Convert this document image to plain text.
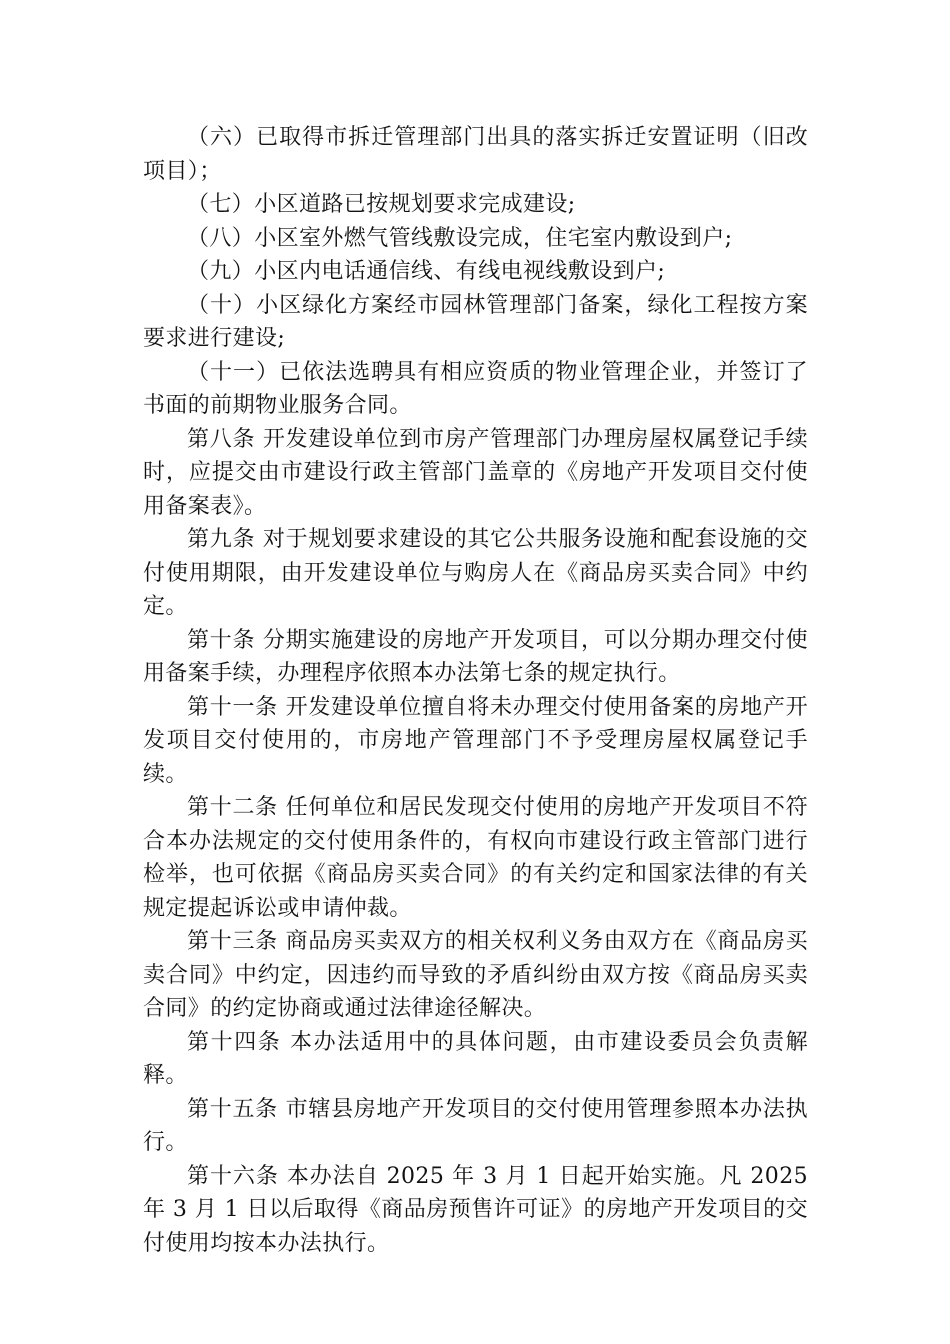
（六）已取得市拆迁管理部门出具的落实拆迁安置证明（旧改项目）；

（七）小区道路已按规划要求完成建设;

（八）小区室外燃气管线敷设完成，住宅室内敷设到户;

（九）小区内电话通信线、有线电视线敷设到户;

（十）小区绿化方案经市园林管理部门备案，绿化工程按方案要求进行建设;

（十一）已依法选聘具有相应资质的物业管理企业，并签订了书面的前期物业服务合同。

第八条 开发建设单位到市房产管理部门办理房屋权属登记手续时，应提交由市建设行政主管部门盖章的《房地产开发项目交付使用备案表》。

第九条 对于规划要求建设的其它公共服务设施和配套设施的交付使用期限，由开发建设单位与购房人在《商品房买卖合同》中约定。

第十条 分期实施建设的房地产开发项目，可以分期办理交付使用备案手续，办理程序依照本办法第七条的规定执行。

第十一条 开发建设单位擅自将未办理交付使用备案的房地产开发项目交付使用的，市房地产管理部门不予受理房屋权属登记手续。

第十二条 任何单位和居民发现交付使用的房地产开发项目不符合本办法规定的交付使用条件的，有权向市建设行政主管部门进行检举，也可依据《商品房买卖合同》的有关约定和国家法律的有关规定提起诉讼或申请仲裁。

第十三条 商品房买卖双方的相关权利义务由双方在《商品房买卖合同》中约定，因违约而导致的矛盾纠纷由双方按《商品房买卖合同》的约定协商或通过法律途径解决。

第十四条 本办法适用中的具体问题，由市建设委员会负责解释。

第十五条 市辖县房地产开发项目的交付使用管理参照本办法执行。

第十六条 本办法自 2025 年 3 月 1 日起开始实施。凡 2025 年 3 月 1 日以后取得《商品房预售许可证》的房地产开发项目的交付使用均按本办法执行。
